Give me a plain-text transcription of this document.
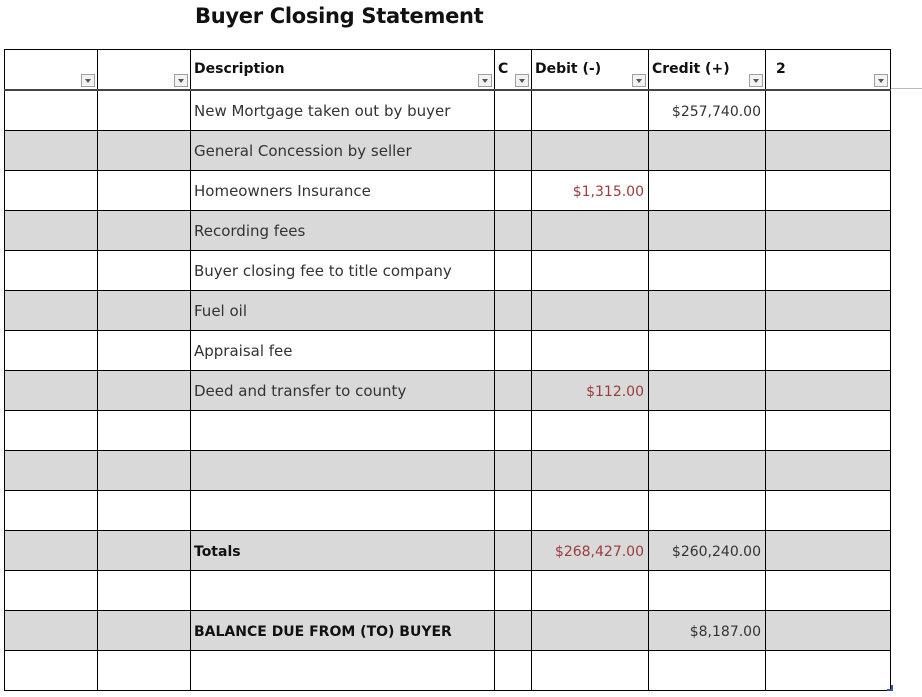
Buyer Closing Statement

		Description	C	Debit (-)	Credit (+)	2

		New Mortgage taken out by buyer			$257,740.00	
		General Concession by seller				
		Homeowners Insurance		$1,315.00		
		Recording fees				
		Buyer closing fee to title company				
		Fuel oil				
		Appraisal fee				
		Deed and transfer to county		$112.00		

		Totals		$268,427.00	$260,240.00	

		BALANCE DUE FROM (TO) BUYER			$8,187.00	
